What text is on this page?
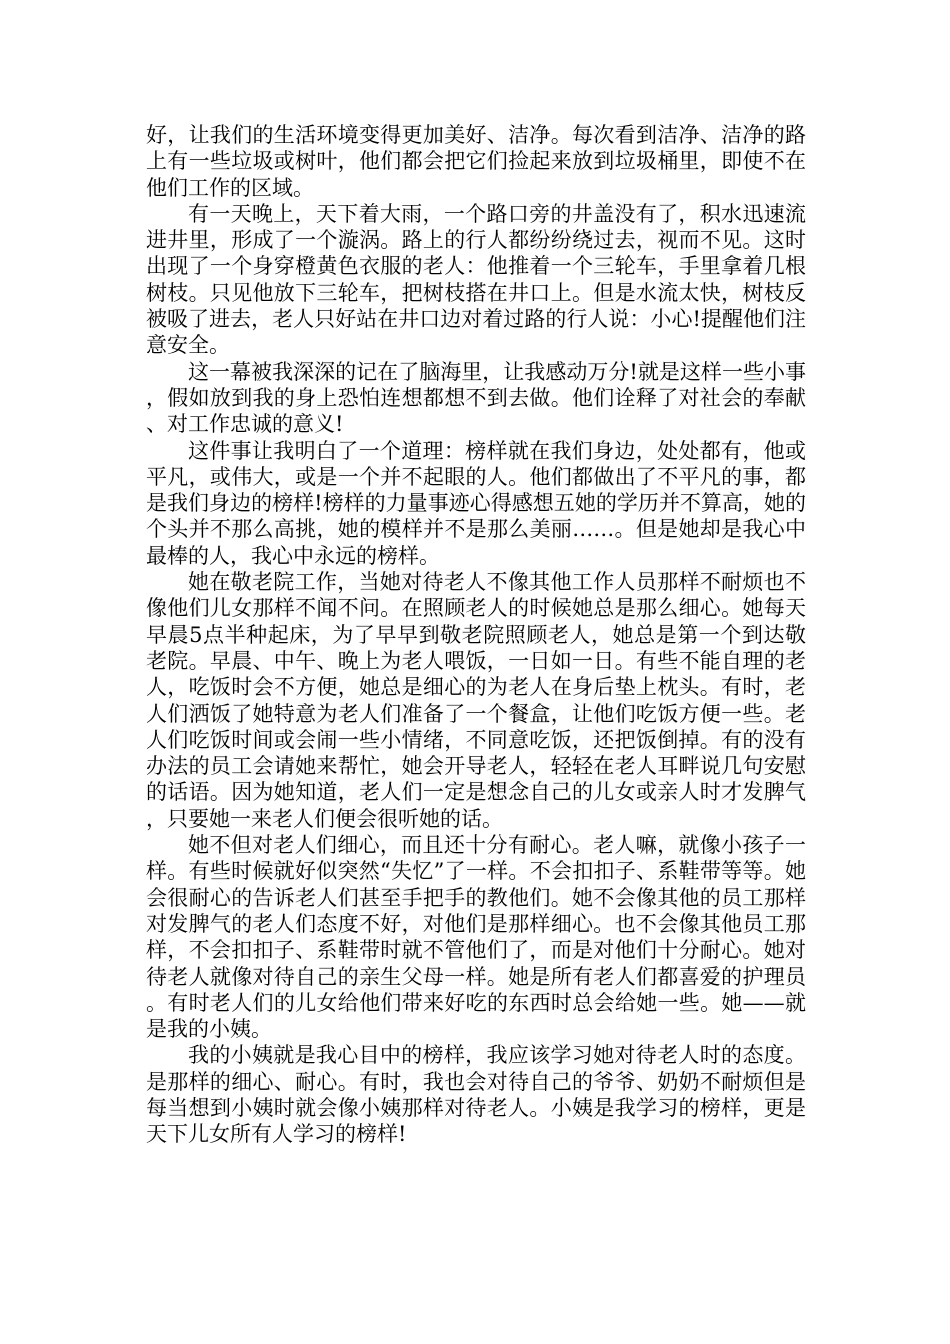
好，让我们的生活环境变得更加美好、洁净。每次看到洁净、洁净的路上有一些垃圾或树叶，他们都会把它们捡起来放到垃圾桶里，即使不在他们工作的区域。

有一天晚上，天下着大雨，一个路口旁的井盖没有了，积水迅速流进井里，形成了一个漩涡。路上的行人都纷纷绕过去，视而不见。这时出现了一个身穿橙黄色衣服的老人：他推着一个三轮车，手里拿着几根树枝。只见他放下三轮车，把树枝搭在井口上。但是水流太快，树枝反被吸了进去，老人只好站在井口边对着过路的行人说：小心!提醒他们注意安全。

这一幕被我深深的记在了脑海里，让我感动万分!就是这样一些小事，假如放到我的身上恐怕连想都想不到去做。他们诠释了对社会的奉献、对工作忠诚的意义!

这件事让我明白了一个道理：榜样就在我们身边，处处都有，他或平凡，或伟大，或是一个并不起眼的人。他们都做出了不平凡的事，都是我们身边的榜样!榜样的力量事迹心得感想五她的学历并不算高，她的个头并不那么高挑，她的模样并不是那么美丽……。但是她却是我心中最棒的人，我心中永远的榜样。

她在敬老院工作，当她对待老人不像其他工作人员那样不耐烦也不像他们儿女那样不闻不问。在照顾老人的时候她总是那么细心。她每天早晨5点半种起床，为了早早到敬老院照顾老人，她总是第一个到达敬老院。早晨、中午、晚上为老人喂饭，一日如一日。有些不能自理的老人，吃饭时会不方便，她总是细心的为老人在身后垫上枕头。有时，老人们洒饭了她特意为老人们准备了一个餐盒，让他们吃饭方便一些。老人们吃饭时间或会闹一些小情绪，不同意吃饭，还把饭倒掉。有的没有办法的员工会请她来帮忙，她会开导老人，轻轻在老人耳畔说几句安慰的话语。因为她知道，老人们一定是想念自己的儿女或亲人时才发脾气，只要她一来老人们便会很听她的话。

她不但对老人们细心，而且还十分有耐心。老人嘛，就像小孩子一样。有些时候就好似突然“失忆”了一样。不会扣扣子、系鞋带等等。她会很耐心的告诉老人们甚至手把手的教他们。她不会像其他的员工那样对发脾气的老人们态度不好，对他们是那样细心。也不会像其他员工那样，不会扣扣子、系鞋带时就不管他们了，而是对他们十分耐心。她对待老人就像对待自己的亲生父母一样。她是所有老人们都喜爱的护理员。有时老人们的儿女给他们带来好吃的东西时总会给她一些。她——就是我的小姨。

我的小姨就是我心目中的榜样，我应该学习她对待老人时的态度。是那样的细心、耐心。有时，我也会对待自己的爷爷、奶奶不耐烦但是每当想到小姨时就会像小姨那样对待老人。小姨是我学习的榜样，更是天下儿女所有人学习的榜样!
